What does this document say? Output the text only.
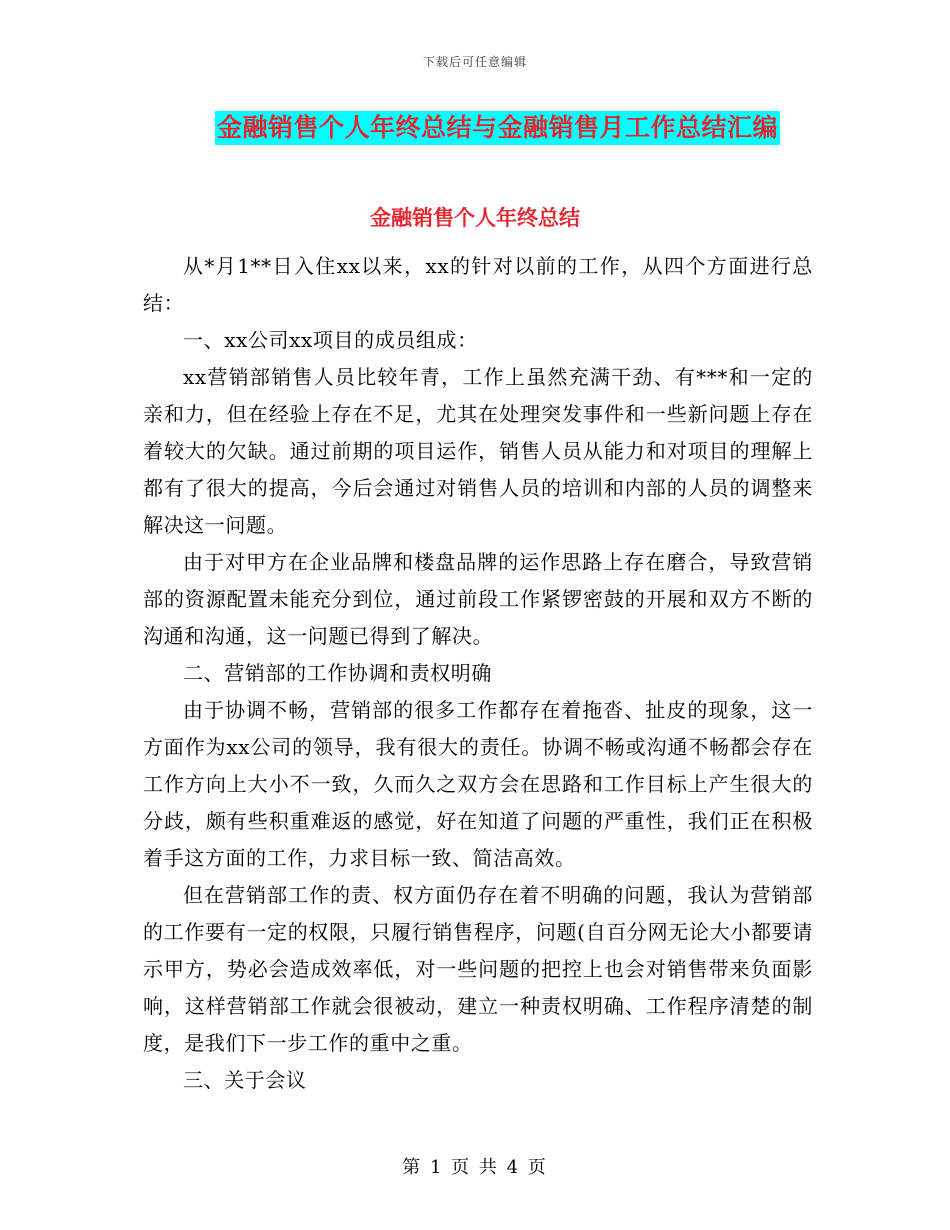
下载后可任意编辑
金融销售个人年终总结与金融销售月工作总结汇编
金融销售个人年终总结

从*月1**日入住xx以来，xx的针对以前的工作，从四个方面进行总结：

一、xx公司xx项目的成员组成：

xx营销部销售人员比较年青，工作上虽然充满干劲、有***和一定的亲和力，但在经验上存在不足，尤其在处理突发事件和一些新问题上存在着较大的欠缺。通过前期的项目运作，销售人员从能力和对项目的理解上都有了很大的提高，今后会通过对销售人员的培训和内部的人员的调整来解决这一问题。

由于对甲方在企业品牌和楼盘品牌的运作思路上存在磨合，导致营销部的资源配置未能充分到位，通过前段工作紧锣密鼓的开展和双方不断的沟通和沟通，这一问题已得到了解决。

二、营销部的工作协调和责权明确

由于协调不畅，营销部的很多工作都存在着拖沓、扯皮的现象，这一方面作为xx公司的领导，我有很大的责任。协调不畅或沟通不畅都会存在工作方向上大小不一致，久而久之双方会在思路和工作目标上产生很大的分歧，颇有些积重难返的感觉，好在知道了问题的严重性，我们正在积极着手这方面的工作，力求目标一致、简洁高效。

但在营销部工作的责、权方面仍存在着不明确的问题，我认为营销部的工作要有一定的权限，只履行销售程序，问题(自百分网无论大小都要请示甲方，势必会造成效率低，对一些问题的把控上也会对销售带来负面影响，这样营销部工作就会很被动，建立一种责权明确、工作程序清楚的制度，是我们下一步工作的重中之重。

三、关于会议

第 1 页 共 4 页
